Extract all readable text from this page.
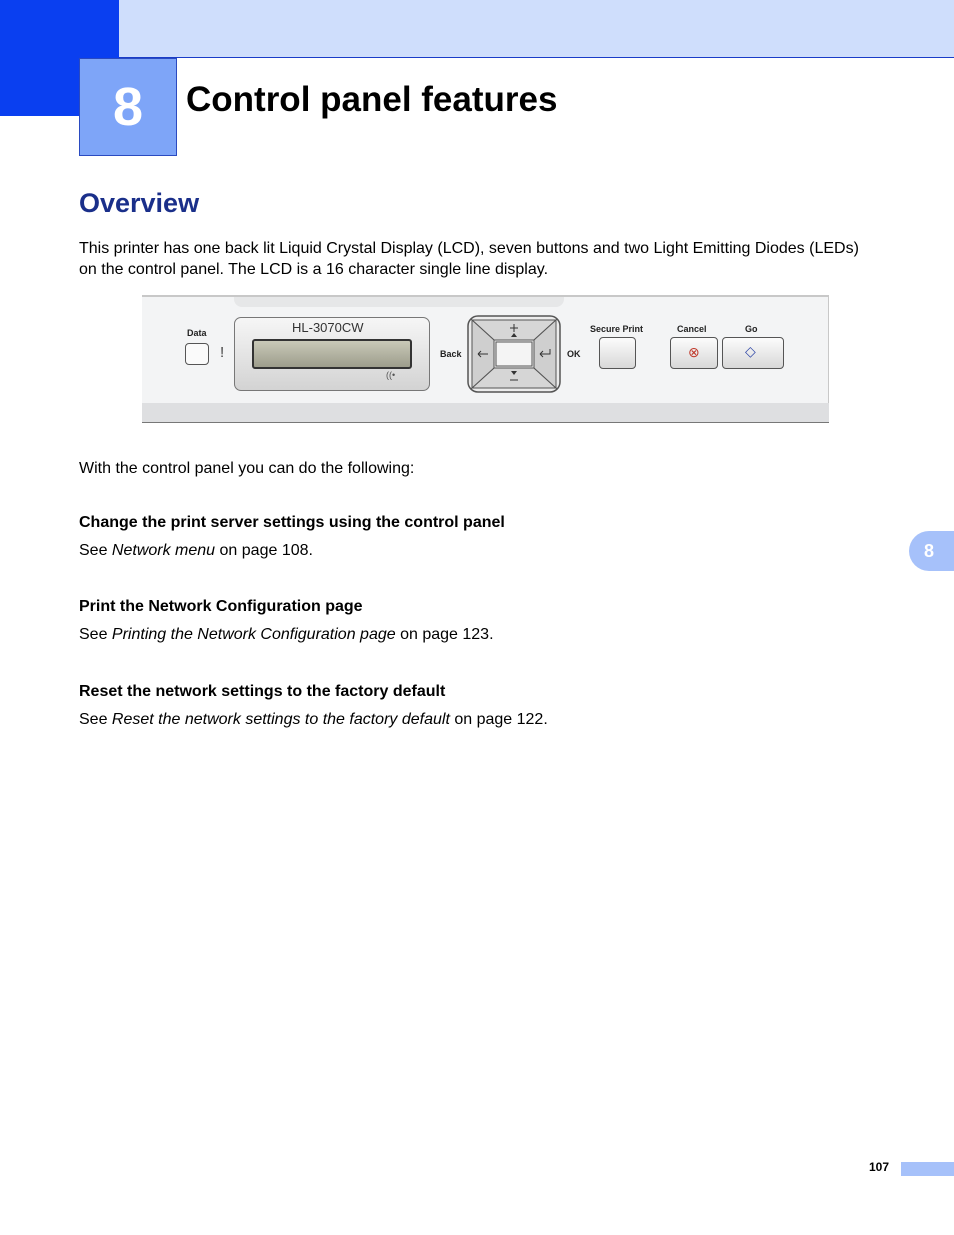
8	Control panel features
Overview
This printer has one back lit Liquid Crystal Display (LCD), seven buttons and two Light Emitting Diodes (LEDs) on the control panel. The LCD is a 16 character single line display.
Data
ǃ
HL-3070CW
((•
Back	OK
Secure Print	Cancel	Go
⊗	◇
With the control panel you can do the following:
Change the print server settings using the control panel
See Network menu on page 108.
Print the Network Configuration page
See Printing the Network Configuration page on page 123.
Reset the network settings to the factory default
See Reset the network settings to the factory default on page 122.
8
107
